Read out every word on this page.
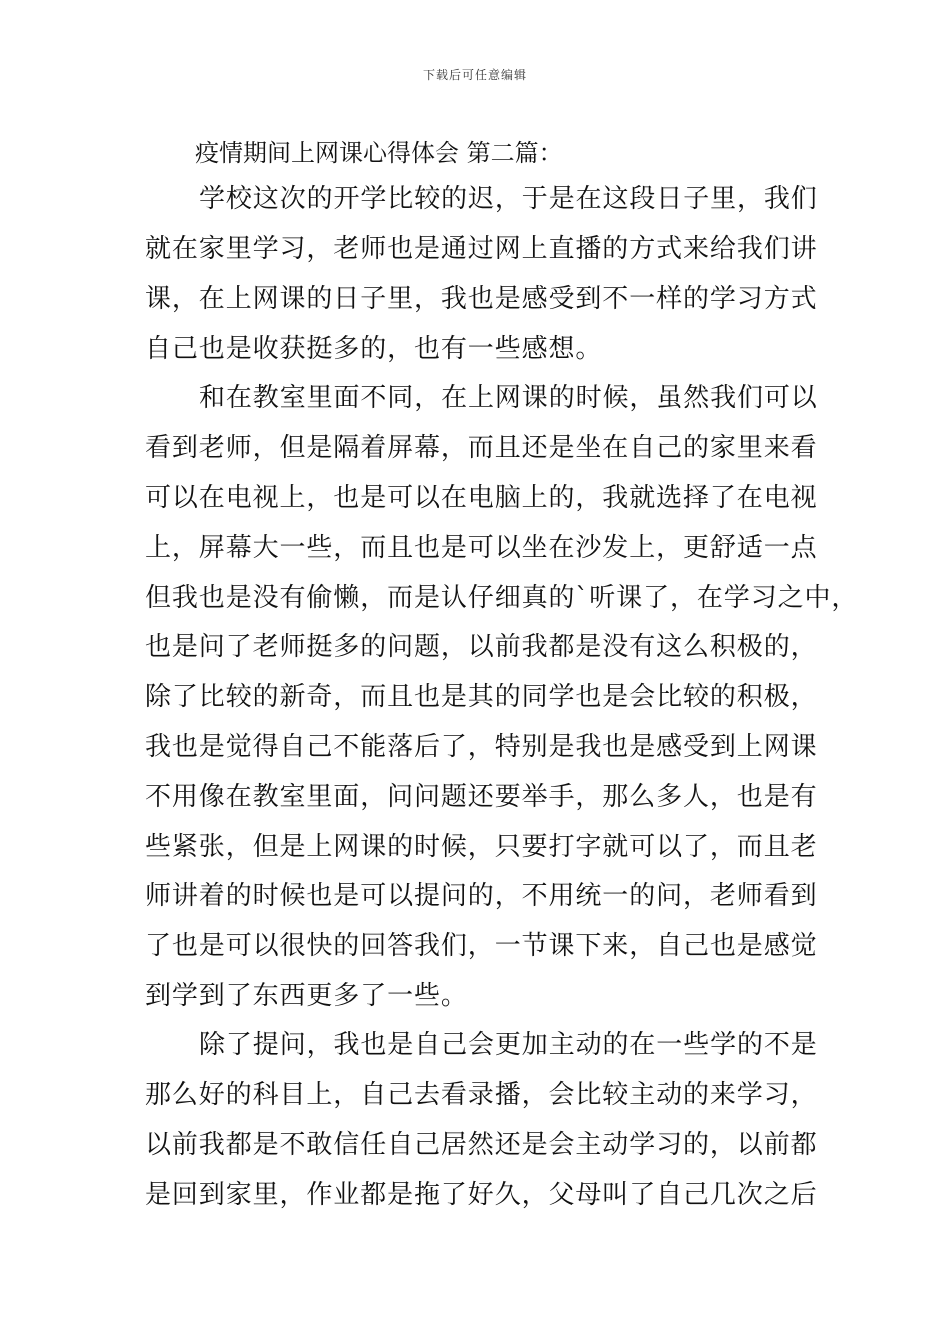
下载后可任意编辑
疫情期间上网课心得体会 第二篇：
学校这次的开学比较的迟，于是在这段日子里，我们
就在家里学习，老师也是通过网上直播的方式来给我们讲
课，在上网课的日子里，我也是感受到不一样的学习方式
自己也是收获挺多的，也有一些感想。
和在教室里面不同，在上网课的时候，虽然我们可以
看到老师，但是隔着屏幕，而且还是坐在自己的家里来看
可以在电视上，也是可以在电脑上的，我就选择了在电视
上，屏幕大一些，而且也是可以坐在沙发上，更舒适一点
但我也是没有偷懒，而是认仔细真的`听课了，在学习之中，
也是问了老师挺多的问题，以前我都是没有这么积极的，
除了比较的新奇，而且也是其的同学也是会比较的积极，
我也是觉得自己不能落后了，特别是我也是感受到上网课
不用像在教室里面，问问题还要举手，那么多人，也是有
些紧张，但是上网课的时候，只要打字就可以了，而且老
师讲着的时候也是可以提问的，不用统一的问，老师看到
了也是可以很快的回答我们，一节课下来，自己也是感觉
到学到了东西更多了一些。
除了提问，我也是自己会更加主动的在一些学的不是
那么好的科目上，自己去看录播，会比较主动的来学习，
以前我都是不敢信任自己居然还是会主动学习的，以前都
是回到家里，作业都是拖了好久，父母叫了自己几次之后
